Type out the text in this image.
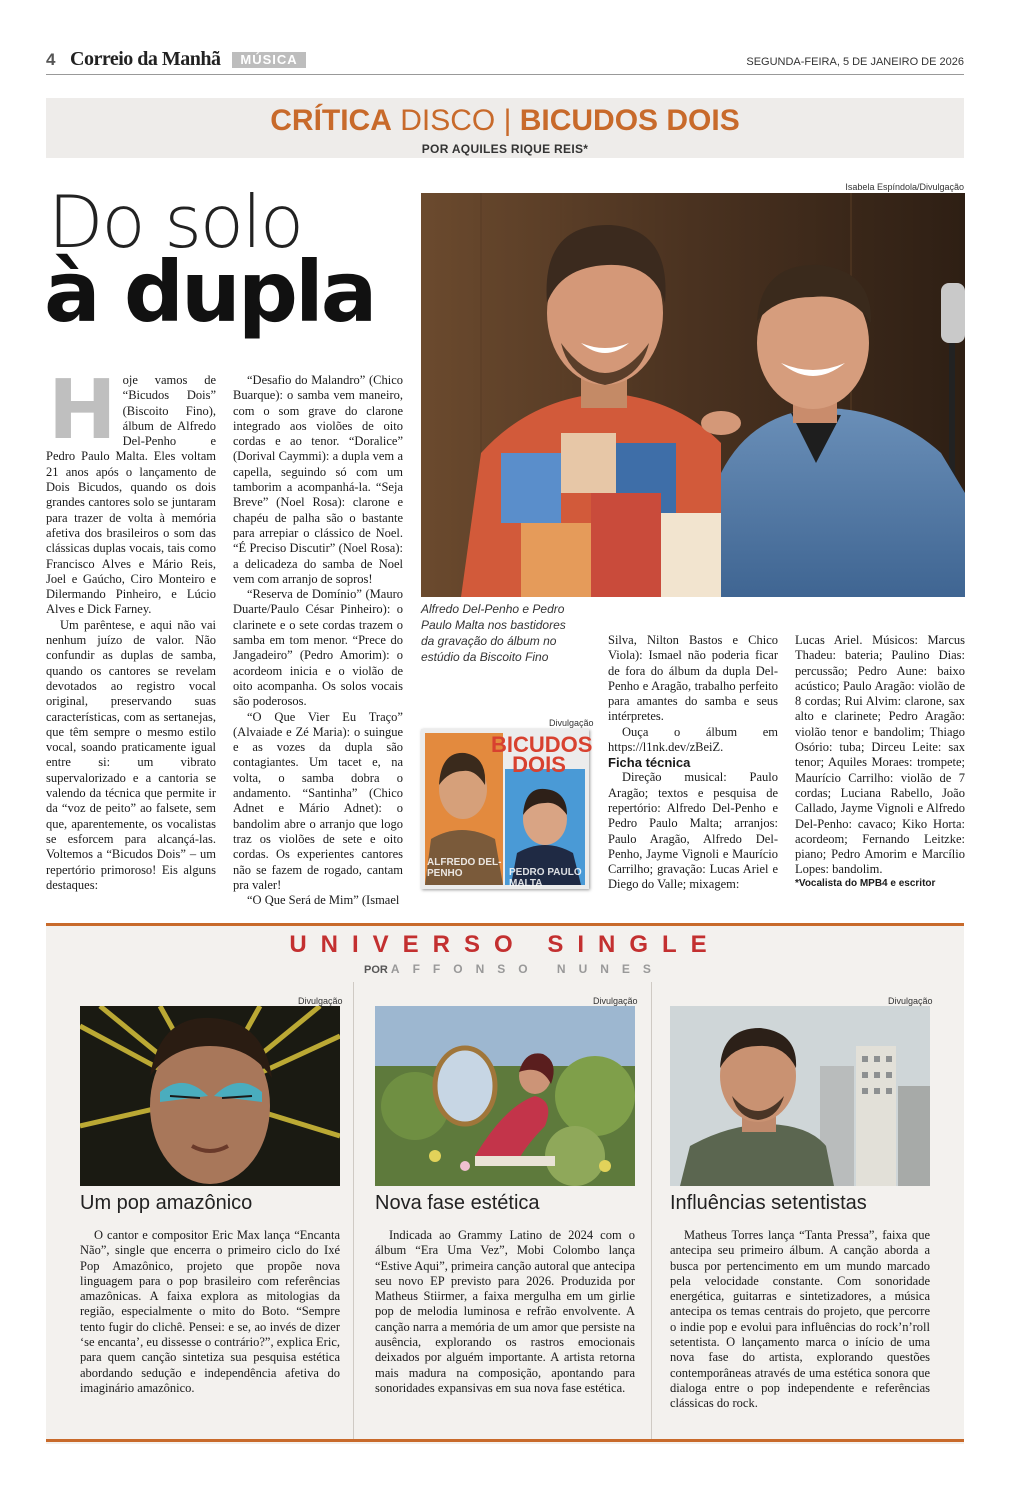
4 Correio da Manhã	MÚSICA	SEGUNDA-FEIRA, 5 DE JANEIRO DE 2026
CRÍTICA DISCO | BICUDOS DOIS
POR AQUILES RIQUE REIS*
Do solo
à dupla
Isabela Espíndola/Divulgação
Alfredo Del-Penho e Pedro Paulo Malta nos bastidores da gravação do álbum no estúdio da Biscoito Fino
Divulgação
BICUDOS
DOIS
ALFREDO DEL-PENHO	PEDRO PAULO MALTA
H oje vamos de “Bicudos Dois” (Biscoito Fino), álbum de Alfredo Del-Penho e Pedro Paulo Malta. Eles voltam 21 anos após o lançamento de Dois Bicudos, quando os dois grandes cantores solo se juntaram para trazer de volta à memória afetiva dos brasileiros o som das clássicas duplas vocais, tais como Francisco Alves e Mário Reis, Joel e Gaúcho, Ciro Monteiro e Dilermando Pinheiro, e Lúcio Alves e Dick Farney.

Um parêntese, e aqui não vai nenhum juízo de valor. Não confundir as duplas de samba, quando os cantores se revelam devotados ao registro vocal original, preservando suas características, com as sertanejas, que têm sempre o mesmo estilo vocal, soando praticamente igual entre si: um vibrato supervalorizado e a cantoria se valendo da técnica que permite ir da “voz de peito” ao falsete, sem que, aparentemente, os vocalistas se esforcem para alcançá-las. Voltemos a “Bicudos Dois” – um repertório primoroso! Eis alguns destaques:

“Desafio do Malandro” (Chico Buarque): o samba vem maneiro, com o som grave do clarone integrado aos violões de oito cordas e ao tenor. “Doralice” (Dorival Caymmi): a dupla vem a capella, seguindo só com um tamborim a acompanhá-la. “Seja Breve” (Noel Rosa): clarone e chapéu de palha são o bastante para arrepiar o clássico de Noel. “É Preciso Discutir” (Noel Rosa): a delicadeza do samba de Noel vem com arranjo de sopros!

“Reserva de Domínio” (Mauro Duarte/Paulo César Pinheiro): o clarinete e o sete cordas trazem o samba em tom menor. “Prece do Jangadeiro” (Pedro Amorim): o acordeom inicia e o violão de oito acompanha. Os solos vocais são poderosos.

“O Que Vier Eu Traço” (Alvaiade e Zé Maria): o suingue e as vozes da dupla são contagiantes. Um tacet e, na volta, o samba dobra o andamento. “Santinha” (Chico Adnet e Mário Adnet): o bandolim abre o arranjo que logo traz os violões de sete e oito cordas. Os experientes cantores não se fazem de rogado, cantam pra valer!

“O Que Será de Mim” (Ismael

Silva, Nilton Bastos e Chico Viola): Ismael não poderia ficar de fora do álbum da dupla Del-Penho e Aragão, trabalho perfeito para amantes do samba e seus intérpretes.

Ouça o álbum em https://l1nk.dev/zBeiZ.

Ficha técnica

Direção musical: Paulo Aragão; textos e pesquisa de repertório: Alfredo Del-Penho e Pedro Paulo Malta; arranjos: Paulo Aragão, Alfredo Del-Penho, Jayme Vignoli e Maurício Carrilho; gravação: Lucas Ariel e Diego do Valle; mixagem:

Lucas Ariel. Músicos: Marcus Thadeu: bateria; Paulino Dias: percussão; Pedro Aune: baixo acústico; Paulo Aragão: violão de 8 cordas; Rui Alvim: clarone, sax alto e clarinete; Pedro Aragão: violão tenor e bandolim; Thiago Osório: tuba; Dirceu Leite: sax tenor; Aquiles Moraes: trompete; Maurício Carrilho: violão de 7 cordas; Luciana Rabello, João Callado, Jayme Vignoli e Alfredo Del-Penho: cavaco; Kiko Horta: acordeom; Fernando Leitzke: piano; Pedro Amorim e Marcílio Lopes: bandolim.

*Vocalista do MPB4 e escritor

UNIVERSO SINGLE
POR AFFONSO NUNES
Divulgação
Um pop amazônico

O cantor e compositor Eric Max lança “Encanta Não”, single que encerra o primeiro ciclo do Ixé Pop Amazônico, projeto que propõe nova linguagem para o pop brasileiro com referências amazônicas. A faixa explora as mitologias da região, especialmente o mito do Boto. “Sempre tento fugir do clichê. Pensei: e se, ao invés de dizer ‘se encanta’, eu dissesse o contrário?”, explica Eric, para quem canção sintetiza sua pesquisa estética abordando sedução e independência afetiva do imaginário amazônico.

Divulgação
Nova fase estética

Indicada ao Grammy Latino de 2024 com o álbum “Era Uma Vez”, Mobi Colombo lança “Estive Aqui”, primeira canção autoral que antecipa seu novo EP previsto para 2026. Produzida por Matheus Stiirmer, a faixa mergulha em um girlie pop de melodia luminosa e refrão envolvente. A canção narra a memória de um amor que persiste na ausência, explorando os rastros emocionais deixados por alguém importante. A artista retorna mais madura na composição, apontando para sonoridades expansivas em sua nova fase estética.

Divulgação
Influências setentistas

Matheus Torres lança “Tanta Pressa”, faixa que antecipa seu primeiro álbum. A canção aborda a busca por pertencimento em um mundo marcado pela velocidade constante. Com sonoridade energética, guitarras e sintetizadores, a música antecipa os temas centrais do projeto, que percorre o indie pop e evolui para influências do rock’n’roll setentista. O lançamento marca o início de uma nova fase do artista, explorando questões contemporâneas através de uma estética sonora que dialoga entre o pop independente e referências clássicas do rock.
